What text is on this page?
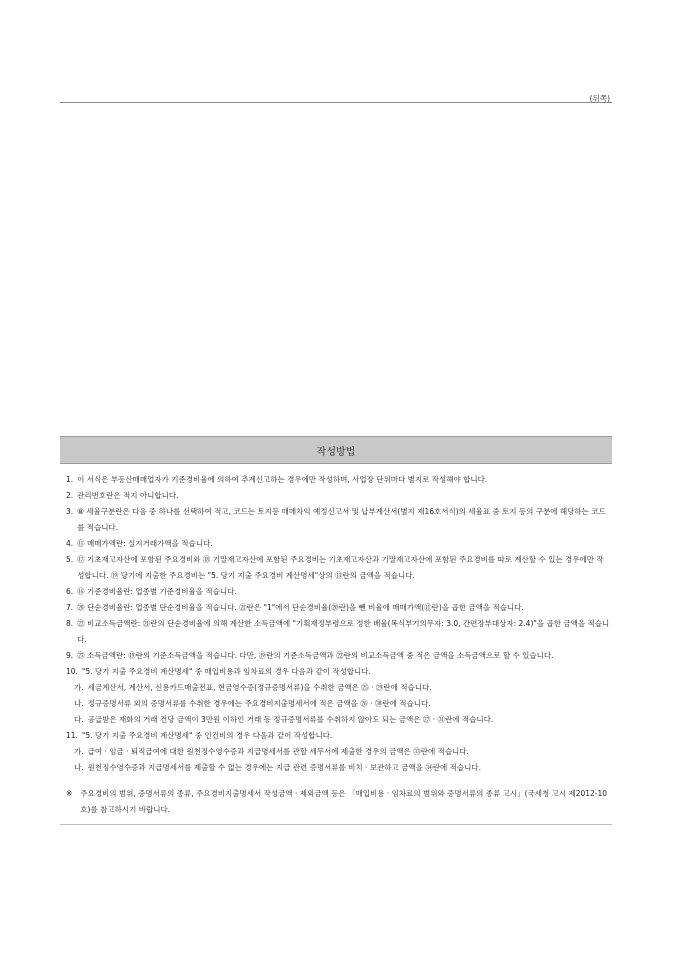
(뒤쪽)
작성방법
1. 이 서식은 부동산매매업자가 기준경비율에 의하여 추계신고하는 경우에만 작성하며, 사업장 단위마다 별지로 작성해야 합니다.
2. 관리번호란은 적지 아니합니다.
3. ⑧ 세율구분란은 다음 중 하나를 선택하여 적고, 코드는 토지등 매매차익 예정신고서 및 납부계산서(별지 제16호서식)의 세율표 중 토지 등의 구분에 해당하는 코드를 적습니다.
4. ⑪ 매매가액란: 실지거래가액을 적습니다.
5. ⑰ 기초재고자산에 포함된 주요경비와 ⑱ 기말재고자산에 포함된 주요경비는 기초재고자산과 기말재고자산에 포함된 주요경비를 따로 계산할 수 있는 경우에만 작성합니다. ⑲ 당기에 지출한 주요경비는 "5. 당기 지출 주요경비 계산명세"상의 ⑬란의 금액을 적습니다.
6. ⑯ 기준경비율란: 업종별 기준경비율을 적습니다.
7. ⑳ 단순경비율란: 업종별 단순경비율을 적습니다. ㉑란은 "1"에서 단순경비율(⑳란)을 뺀 비율에 매매가액(⑪란)을 곱한 금액을 적습니다.
8. ㉒ 비교소득금액란: ㉑란의 단순경비율에 의해 계산한 소득금액에 "기획재정부령으로 정한 배율(복식부기의무자: 3.0, 간편장부대상자: 2.4)"을 곱한 금액을 적습니다.
9. ㉓ 소득금액란: ⑲란의 기준소득금액을 적습니다. 다만, ⑲란의 기준소득금액과 ㉒란의 비교소득금액 중 적은 금액을 소득금액으로 할 수 있습니다.
10. "5. 당기 지출 주요경비 계산명세" 중 매입비용과 임차료의 경우 다음과 같이 작성합니다.
가. 세금계산서, 계산서, 신용카드매출전표, 현금영수증(정규증명서류)을 수취한 금액은 ㉕ · ㉙란에 적습니다.
나. 정규증명서류 외의 증명서류를 수취한 경우에는 주요경비지출명세서에 적은 금액을 ㉖ · ㉚란에 적습니다.
다. 공급받은 재화의 거래 건당 금액이 3만원 이하인 거래 등 정규증명서류를 수취하지 않아도 되는 금액은 ㉗ · ㉛란에 적습니다.
11. "5. 당기 지출 주요경비 계산명세" 중 인건비의 경우 다음과 같이 작성합니다.
가. 급여 · 임금 · 퇴직급여에 대한 원천징수영수증과 지급명세서를 관할 세무서에 제출한 경우의 금액은 ㉝란에 적습니다.
나. 원천징수영수증과 지급명세서를 제출할 수 없는 경우에는 지급 관련 증명서류를 비치 · 보관하고 금액을 ㉞란에 적습니다.
※	주요경비의 범위, 증명서류의 종류, 주요경비지출명세서 작성금액 · 제외금액 등은 「매입비용 · 임차료의 범위와 증명서류의 종류 고시」(국세청 고시 제2012-10호)를 참고하시기 바랍니다.
